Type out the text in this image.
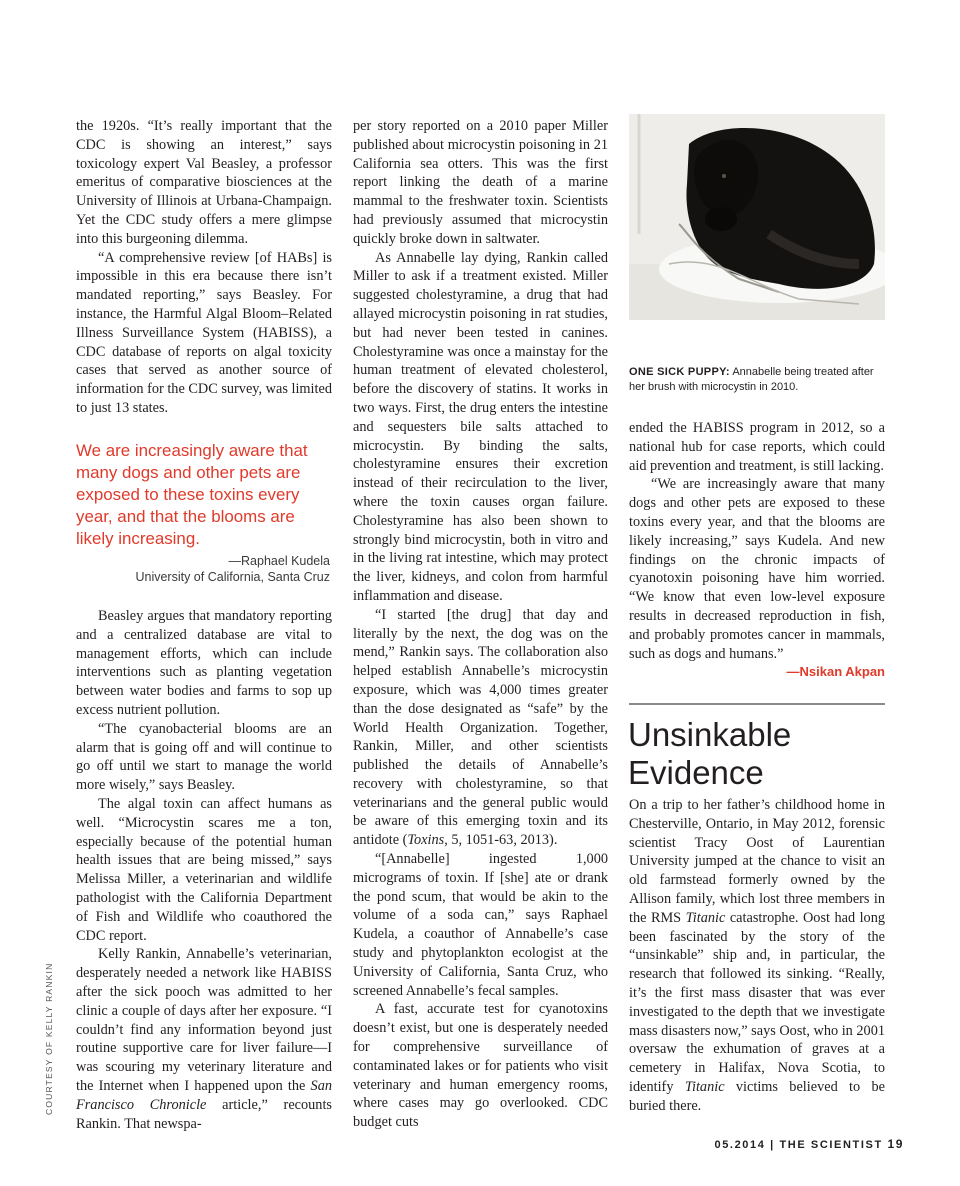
the 1920s. “It’s really important that the CDC is showing an interest,” says toxicology expert Val Beasley, a professor emeritus of comparative biosciences at the University of Illinois at Urbana-Champaign. Yet the CDC study offers a mere glimpse into this burgeoning dilemma.

“A comprehensive review [of HABs] is impossible in this era because there isn’t mandated reporting,” says Beasley. For instance, the Harmful Algal Bloom–Related Illness Surveillance System (HABISS), a CDC database of reports on algal toxicity cases that served as another source of information for the CDC survey, was limited to just 13 states.

We are increasingly aware that many dogs and other pets are exposed to these toxins every year, and that the blooms are likely increasing.
—Raphael Kudela
University of California, Santa Cruz

Beasley argues that mandatory reporting and a centralized database are vital to management efforts, which can include interventions such as planting vegetation between water bodies and farms to sop up excess nutrient pollution.

“The cyanobacterial blooms are an alarm that is going off and will continue to go off until we start to manage the world more wisely,” says Beasley.

The algal toxin can affect humans as well. “Microcystin scares me a ton, especially because of the potential human health issues that are being missed,” says Melissa Miller, a veterinarian and wildlife pathologist with the California Department of Fish and Wildlife who coauthored the CDC report.

Kelly Rankin, Annabelle’s veterinarian, desperately needed a network like HABISS after the sick pooch was admitted to her clinic a couple of days after her exposure. “I couldn’t find any information beyond just routine supportive care for liver failure—I was scouring my veterinary literature and the Internet when I happened upon the San Francisco Chronicle article,” recounts Rankin. That newspa-

per story reported on a 2010 paper Miller published about microcystin poisoning in 21 California sea otters. This was the first report linking the death of a marine mammal to the freshwater toxin. Scientists had previously assumed that microcystin quickly broke down in saltwater.

As Annabelle lay dying, Rankin called Miller to ask if a treatment existed. Miller suggested cholestyramine, a drug that had allayed microcystin poisoning in rat studies, but had never been tested in canines. Cholestyramine was once a mainstay for the human treatment of elevated cholesterol, before the discovery of statins. It works in two ways. First, the drug enters the intestine and sequesters bile salts attached to microcystin. By binding the salts, cholestyramine ensures their excretion instead of their recirculation to the liver, where the toxin causes organ failure. Cholestyramine has also been shown to strongly bind microcystin, both in vitro and in the living rat intestine, which may protect the liver, kidneys, and colon from harmful inflammation and disease.

“I started [the drug] that day and literally by the next, the dog was on the mend,” Rankin says. The collaboration also helped establish Annabelle’s microcystin exposure, which was 4,000 times greater than the dose designated as “safe” by the World Health Organization. Together, Rankin, Miller, and other scientists published the details of Annabelle’s recovery with cholestyramine, so that veterinarians and the general public would be aware of this emerging toxin and its antidote (Toxins, 5, 1051-63, 2013).

“[Annabelle] ingested 1,000 micrograms of toxin. If [she] ate or drank the pond scum, that would be akin to the volume of a soda can,” says Raphael Kudela, a coauthor of Annabelle’s case study and phytoplankton ecologist at the University of California, Santa Cruz, who screened Annabelle’s fecal samples.

A fast, accurate test for cyanotoxins doesn’t exist, but one is desperately needed for comprehensive surveillance of contaminated lakes or for patients who visit veterinary and human emergency rooms, where cases may go overlooked. CDC budget cuts

ONE SICK PUPPY: Annabelle being treated after her brush with microcystin in 2010.

ended the HABISS program in 2012, so a national hub for case reports, which could aid prevention and treatment, is still lacking.

“We are increasingly aware that many dogs and other pets are exposed to these toxins every year, and that the blooms are likely increasing,” says Kudela. And new findings on the chronic impacts of cyanotoxin poisoning have him worried. “We know that even low-level exposure results in decreased reproduction in fish, and probably promotes cancer in mammals, such as dogs and humans.”

—Nsikan Akpan
Unsinkable Evidence

On a trip to her father’s childhood home in Chesterville, Ontario, in May 2012, forensic scientist Tracy Oost of Laurentian University jumped at the chance to visit an old farmstead formerly owned by the Allison family, which lost three members in the RMS Titanic catastrophe. Oost had long been fascinated by the story of the “unsinkable” ship and, in particular, the research that followed its sinking. “Really, it’s the first mass disaster that was ever investigated to the depth that we investigate mass disasters now,” says Oost, who in 2001 oversaw the exhumation of graves at a cemetery in Halifax, Nova Scotia, to identify Titanic victims believed to be buried there.

COURTESY OF KELLY RANKIN
05.2014 | THE SCIENTIST 19
